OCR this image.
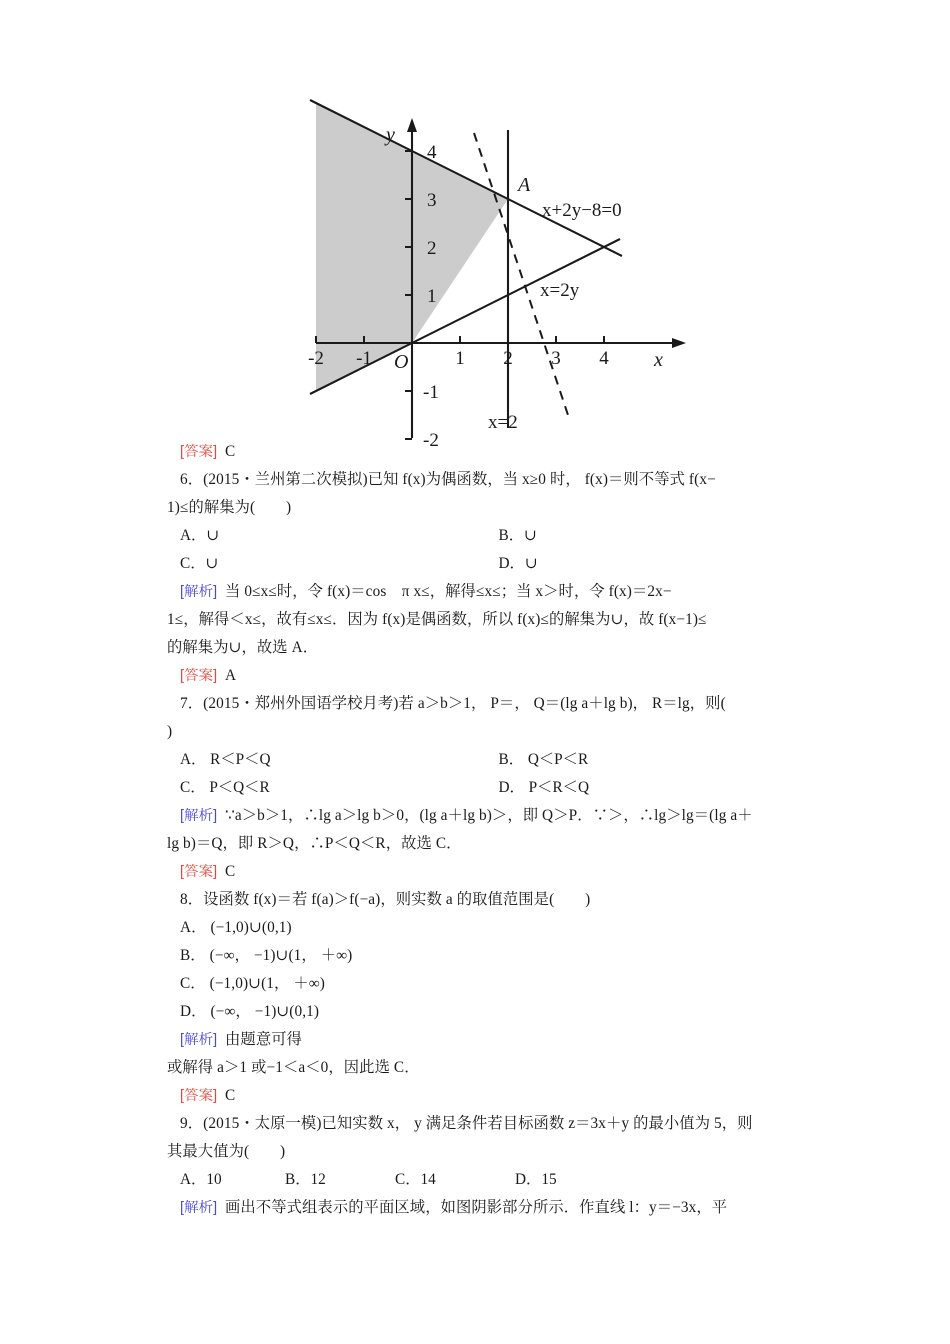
-2 -1	1 2 3 4
4
3
2
1
-1
-2
x
y
O
A
x+2y−8=0
x=2y
x=2
[答案]  C
6．(2015・兰州第二次模拟)已知 f(x)为偶函数，当 x≥0 时， f(x)＝则不等式 f(x−
1)≤的解集为(　　)
A．∪	B．∪
C．∪	D．∪
[解析]  当 0≤x≤时，令 f(x)＝cos　π x≤，解得≤x≤；当 x＞时，令 f(x)＝2x−
1≤，解得＜x≤，故有≤x≤．因为 f(x)是偶函数，所以 f(x)≤的解集为∪，故 f(x−1)≤
的解集为∪，故选 A．
[答案]  A
7．(2015・郑州外国语学校月考)若 a＞b＞1， P＝， Q＝(lg a＋lg b)， R＝lg，则(
)
A． R＜P＜Q	B． Q＜P＜R
C． P＜Q＜R	D． P＜R＜Q
[解析]  ∵a＞b＞1，∴lg a＞lg b＞0，(lg a＋lg b)＞，即 Q＞P．∵＞，∴lg＞lg＝(lg a＋
lg b)＝Q，即 R＞Q，∴P＜Q＜R，故选 C．
[答案]  C
8．设函数 f(x)＝若 f(a)＞f(−a)，则实数 a 的取值范围是(　　)
A． (−1,0)∪(0,1)
B． (−∞， −1)∪(1， ＋∞)
C． (−1,0)∪(1， ＋∞)
D． (−∞， −1)∪(0,1)
[解析]  由题意可得
或解得 a＞1 或−1＜a＜0，因此选 C．
[答案]  C
9．(2015・太原一模)已知实数 x， y 满足条件若目标函数 z＝3x＋y 的最小值为 5，则
其最大值为(　　)
A．10	B．12	C．14	D．15
[解析]  画出不等式组表示的平面区域，如图阴影部分所示．作直线 l：y＝−3x，平
